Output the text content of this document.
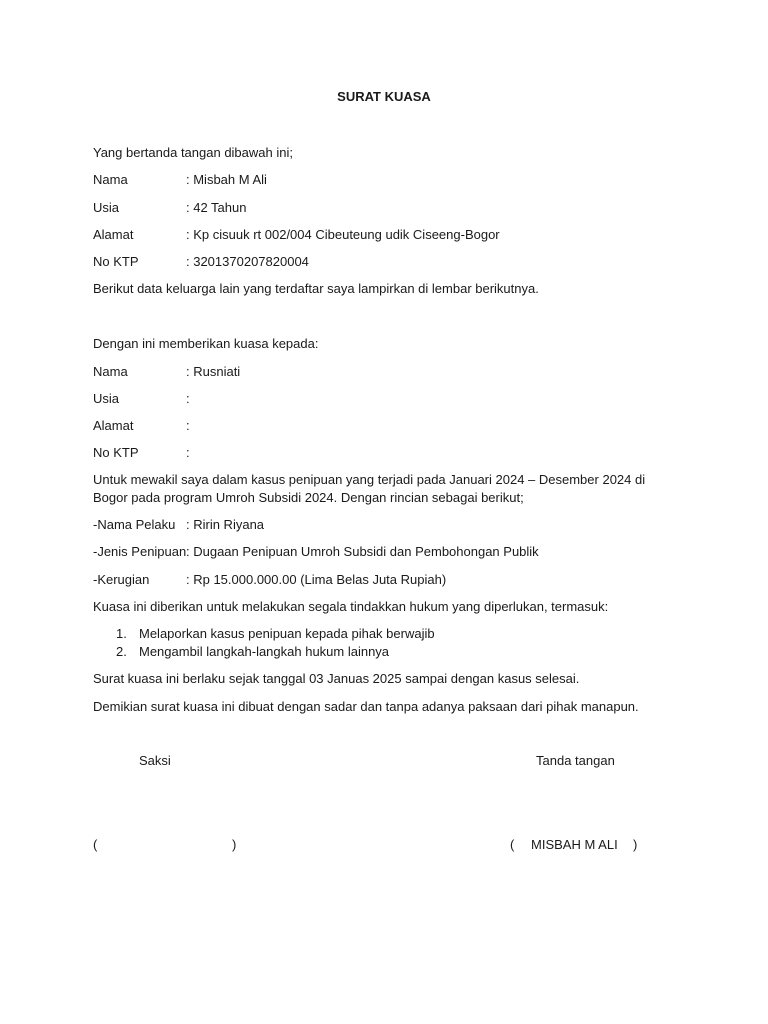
SURAT KUASA
Yang bertanda tangan dibawah ini;
Nama	: Misbah M Ali
Usia	: 42 Tahun
Alamat	: Kp cisuuk rt 002/004 Cibeuteung udik Ciseeng-Bogor
No KTP	: 3201370207820004
Berikut data keluarga lain yang terdaftar saya lampirkan di lembar berikutnya.
Dengan ini memberikan kuasa kepada:
Nama	: Rusniati
Usia	:
Alamat	:
No KTP	:
Untuk mewakil saya dalam kasus penipuan yang terjadi pada Januari 2024 – Desember 2024 di
Bogor pada program Umroh Subsidi 2024. Dengan rincian sebagai berikut;
-Nama Pelaku : Ririn Riyana
-Jenis Penipuan : Dugaan Penipuan Umroh Subsidi dan Pembohongan Publik
-Kerugian	: Rp 15.000.000.00 (Lima Belas Juta Rupiah)
Kuasa ini diberikan untuk melakukan segala tindakkan hukum yang diperlukan, termasuk:
1. Melaporkan kasus penipuan kepada pihak berwajib
2. Mengambil langkah-langkah hukum lainnya
Surat kuasa ini berlaku sejak tanggal 03 Januas 2025 sampai dengan kasus selesai.
Demikian surat kuasa ini dibuat dengan sadar dan tanpa adanya paksaan dari pihak manapun.
Saksi	Tanda tangan
(	)	( MISBAH M ALI )
